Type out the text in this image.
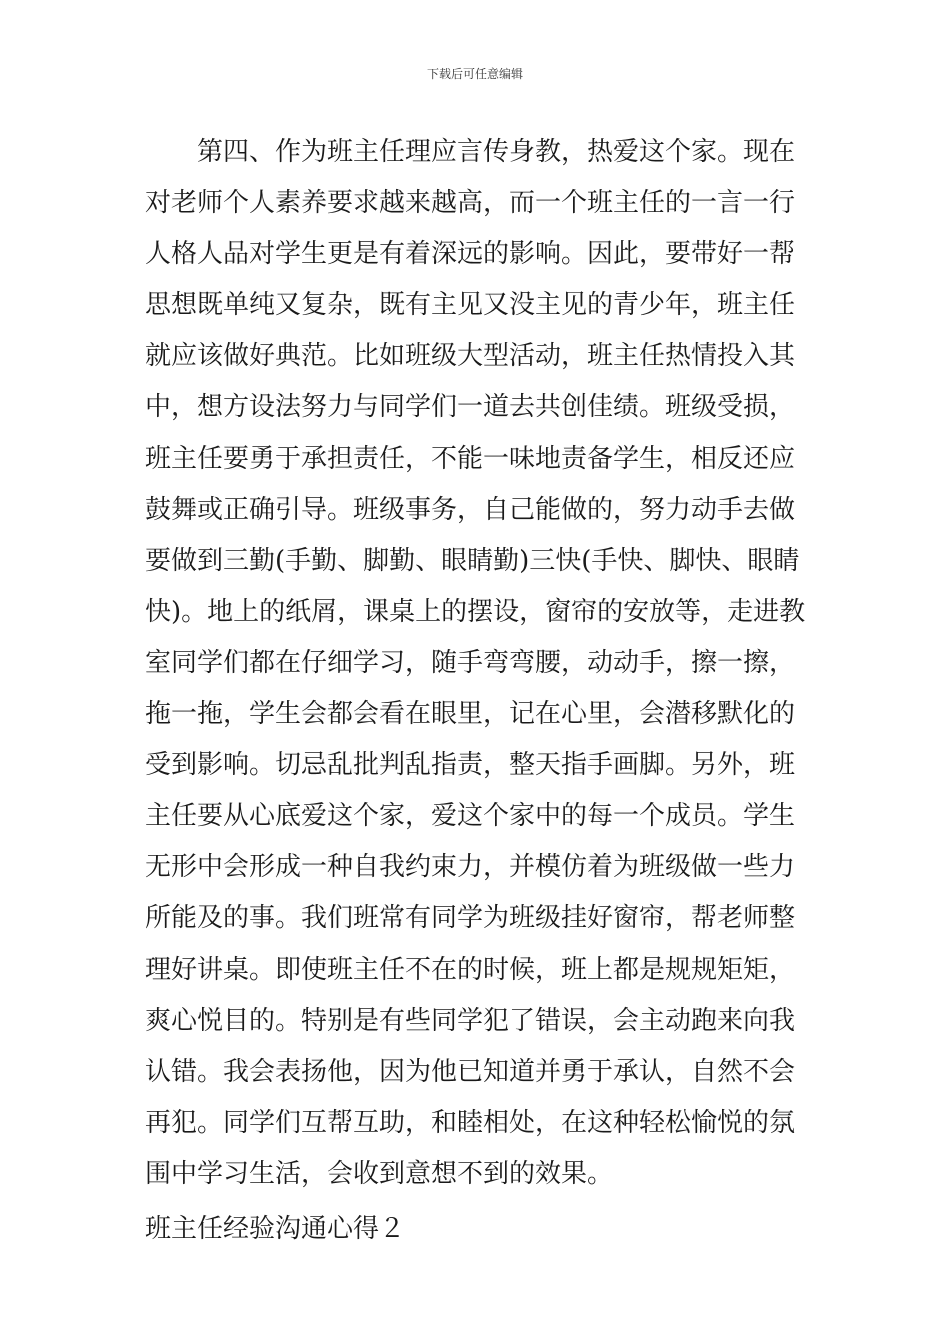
下载后可任意编辑
第四、作为班主任理应言传身教，热爱这个家。现在
对老师个人素养要求越来越高，而一个班主任的一言一行
人格人品对学生更是有着深远的影响。因此，要带好一帮
思想既单纯又复杂，既有主见又没主见的青少年，班主任
就应该做好典范。比如班级大型活动，班主任热情投入其
中，想方设法努力与同学们一道去共创佳绩。班级受损，
班主任要勇于承担责任，不能一味地责备学生，相反还应
鼓舞或正确引导。班级事务，自己能做的，努力动手去做
要做到三勤(手勤、脚勤、眼睛勤)三快(手快、脚快、眼睛
快)。地上的纸屑，课桌上的摆设，窗帘的安放等，走进教
室同学们都在仔细学习，随手弯弯腰，动动手，擦一擦，
拖一拖，学生会都会看在眼里，记在心里，会潜移默化的
受到影响。切忌乱批判乱指责，整天指手画脚。另外，班
主任要从心底爱这个家，爱这个家中的每一个成员。学生
无形中会形成一种自我约束力，并模仿着为班级做一些力
所能及的事。我们班常有同学为班级挂好窗帘，帮老师整
理好讲桌。即使班主任不在的时候，班上都是规规矩矩，
爽心悦目的。特别是有些同学犯了错误，会主动跑来向我
认错。我会表扬他，因为他已知道并勇于承认，自然不会
再犯。同学们互帮互助，和睦相处，在这种轻松愉悦的氛
围中学习生活，会收到意想不到的效果。
班主任经验沟通心得２
